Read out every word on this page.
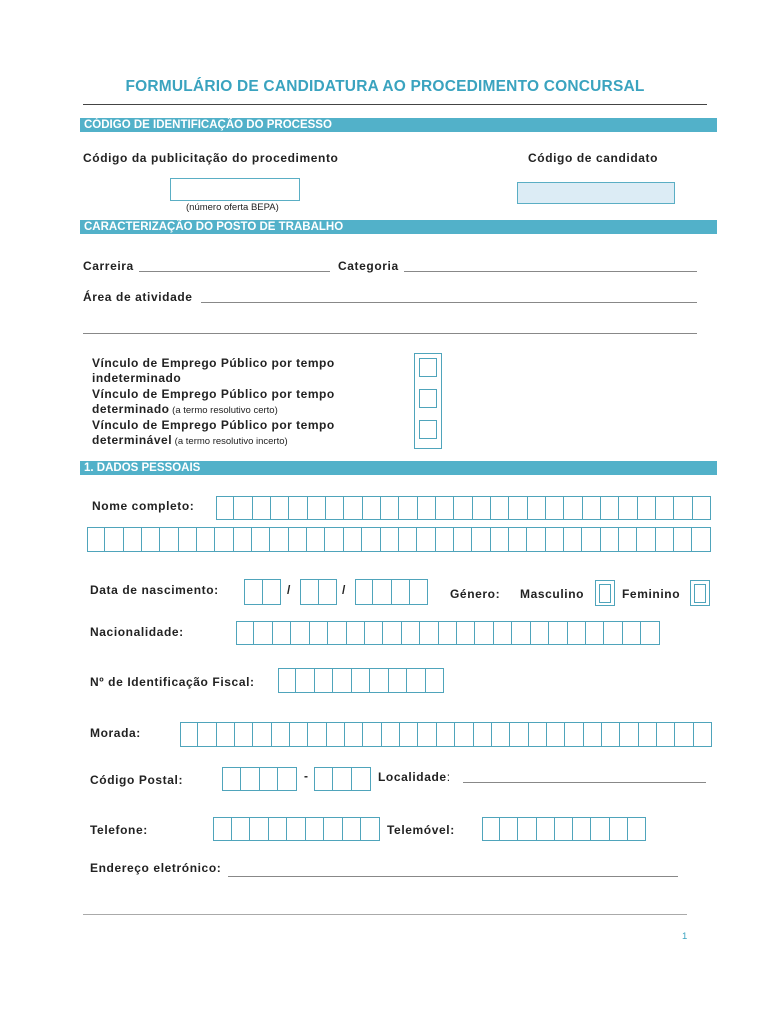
FORMULÁRIO DE CANDIDATURA AO PROCEDIMENTO CONCURSAL
CÓDIGO DE IDENTIFICAÇÃO DO PROCESSO
Código da publicitação do procedimento	Código de candidato
(número oferta BEPA)
CARACTERIZAÇÃO DO POSTO DE TRABALHO
Carreira	Categoria
Área de atividade
Vínculo de Emprego Público por tempo
indeterminado
Vínculo de Emprego Público por tempo
determinado (a termo resolutivo certo)
Vínculo de Emprego Público por tempo
determinável (a termo resolutivo incerto)
1. DADOS PESSOAIS
Nome completo:
Data de nascimento:	/	/	Género: Masculino	Feminino
Nacionalidade:
Nº de Identificação Fiscal:
Morada:
Código Postal:	-	Localidade:
Telefone:	Telemóvel:
Endereço eletrónico:
1
